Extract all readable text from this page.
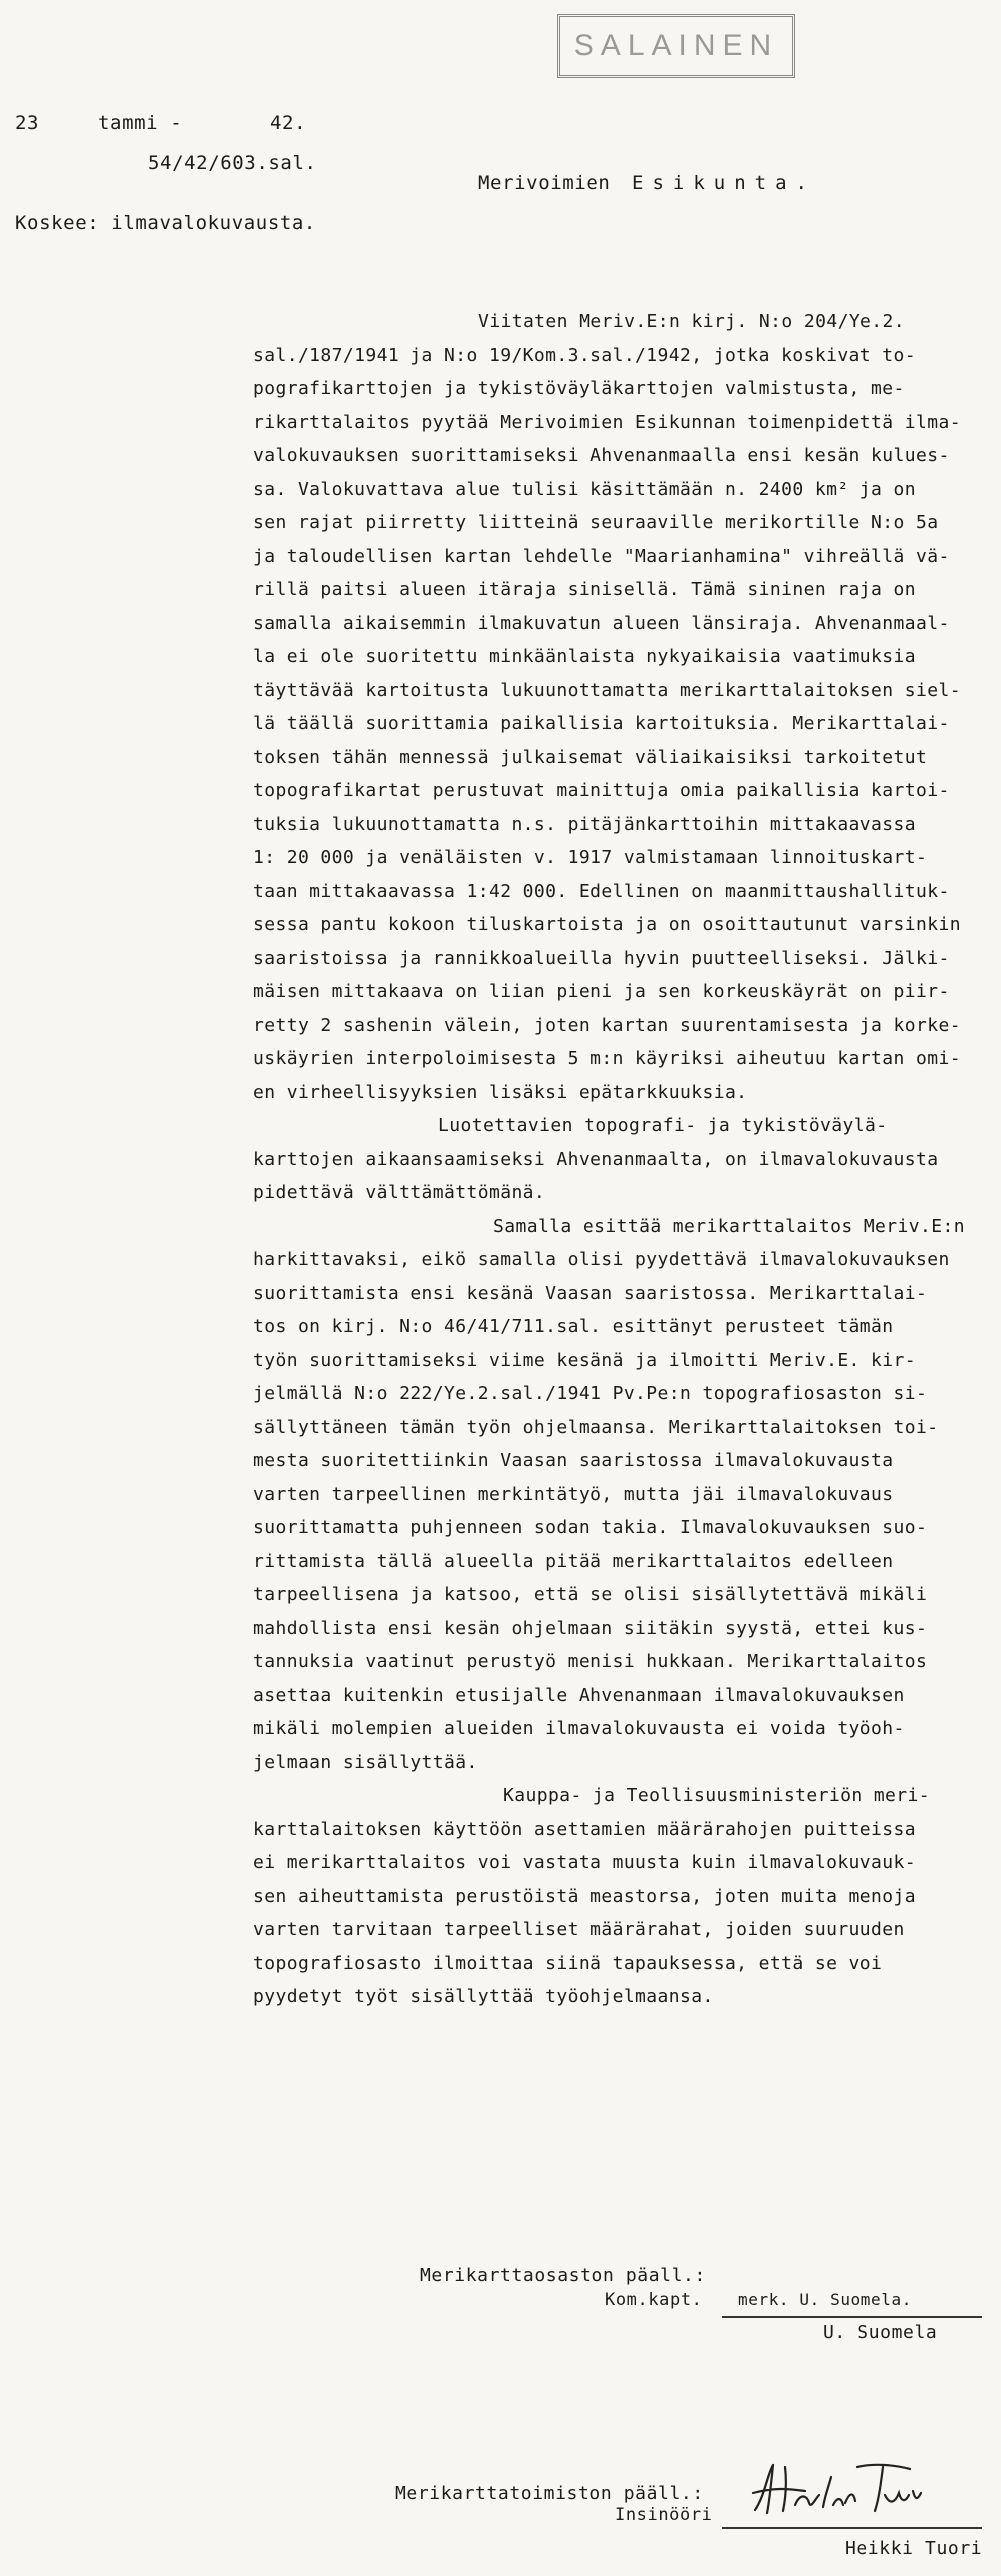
SALAINEN
23	tammi -	42.
54/42/603.sal.
Merivoimien Esikunta.
Koskee: ilmavalokuvausta.
Viitaten Meriv.E:n kirj. N:o 204/Ye.2.
sal./187/1941 ja N:o 19/Kom.3.sal./1942, jotka koskivat to-
pografikarttojen ja tykistöväyläkarttojen valmistusta, me-
rikarttalaitos pyytää Merivoimien Esikunnan toimenpidettä ilma-
valokuvauksen suorittamiseksi Ahvenanmaalla ensi kesän kulues-
sa. Valokuvattava alue tulisi käsittämään n. 2400 km² ja on
sen rajat piirretty liitteinä seuraaville merikortille N:o 5a
ja taloudellisen kartan lehdelle "Maarianhamina" vihreällä vä-
rillä paitsi alueen itäraja sinisellä. Tämä sininen raja on
samalla aikaisemmin ilmakuvatun alueen länsiraja. Ahvenanmaal-
la ei ole suoritettu minkäänlaista nykyaikaisia vaatimuksia
täyttävää kartoitusta lukuunottamatta merikarttalaitoksen siel-
lä täällä suorittamia paikallisia kartoituksia. Merikarttalai-
toksen tähän mennessä julkaisemat väliaikaisiksi tarkoitetut
topografikartat perustuvat mainittuja omia paikallisia kartoi-
tuksia lukuunottamatta n.s. pitäjänkarttoihin mittakaavassa
1: 20 000 ja venäläisten v. 1917 valmistamaan linnoituskart-
taan mittakaavassa 1:42 000. Edellinen on maanmittaushallituk-
sessa pantu kokoon tiluskartoista ja on osoittautunut varsinkin
saaristoissa ja rannikkoalueilla hyvin puutteelliseksi. Jälki-
mäisen mittakaava on liian pieni ja sen korkeuskäyrät on piir-
retty 2 sashenin välein, joten kartan suurentamisesta ja korke-
uskäyrien interpoloimisesta 5 m:n käyriksi aiheutuu kartan omi-
en virheellisyyksien lisäksi epätarkkuuksia.
Luotettavien topografi- ja tykistöväylä-
karttojen aikaansaamiseksi Ahvenanmaalta, on ilmavalokuvausta
pidettävä välttämättömänä.
Samalla esittää merikarttalaitos Meriv.E:n
harkittavaksi, eikö samalla olisi pyydettävä ilmavalokuvauksen
suorittamista ensi kesänä Vaasan saaristossa. Merikarttalai-
tos on kirj. N:o 46/41/711.sal. esittänyt perusteet tämän
työn suorittamiseksi viime kesänä ja ilmoitti Meriv.E. kir-
jelmällä N:o 222/Ye.2.sal./1941 Pv.Pe:n topografiosaston si-
sällyttäneen tämän työn ohjelmaansa. Merikarttalaitoksen toi-
mesta suoritettiinkin Vaasan saaristossa ilmavalokuvausta
varten tarpeellinen merkintätyö, mutta jäi ilmavalokuvaus
suorittamatta puhjenneen sodan takia. Ilmavalokuvauksen suo-
rittamista tällä alueella pitää merikarttalaitos edelleen
tarpeellisena ja katsoo, että se olisi sisällytettävä mikäli
mahdollista ensi kesän ohjelmaan siitäkin syystä, ettei kus-
tannuksia vaatinut perustyö menisi hukkaan. Merikarttalaitos
asettaa kuitenkin etusijalle Ahvenanmaan ilmavalokuvauksen
mikäli molempien alueiden ilmavalokuvausta ei voida työoh-
jelmaan sisällyttää.
Kauppa- ja Teollisuusministeriön meri-
karttalaitoksen käyttöön asettamien määrärahojen puitteissa
ei merikarttalaitos voi vastata muusta kuin ilmavalokuvauk-
sen aiheuttamista perustöistä meastorsa, joten muita menoja
varten tarvitaan tarpeelliset määrärahat, joiden suuruuden
topografiosasto ilmoittaa siinä tapauksessa, että se voi
pyydetyt työt sisällyttää työohjelmaansa.
Merikarttaosaston päall.:
Kom.kapt. merk. U. Suomela.
U. Suomela
Merikarttatoimiston pääll.:
Insinööri
Heikki Tuori
